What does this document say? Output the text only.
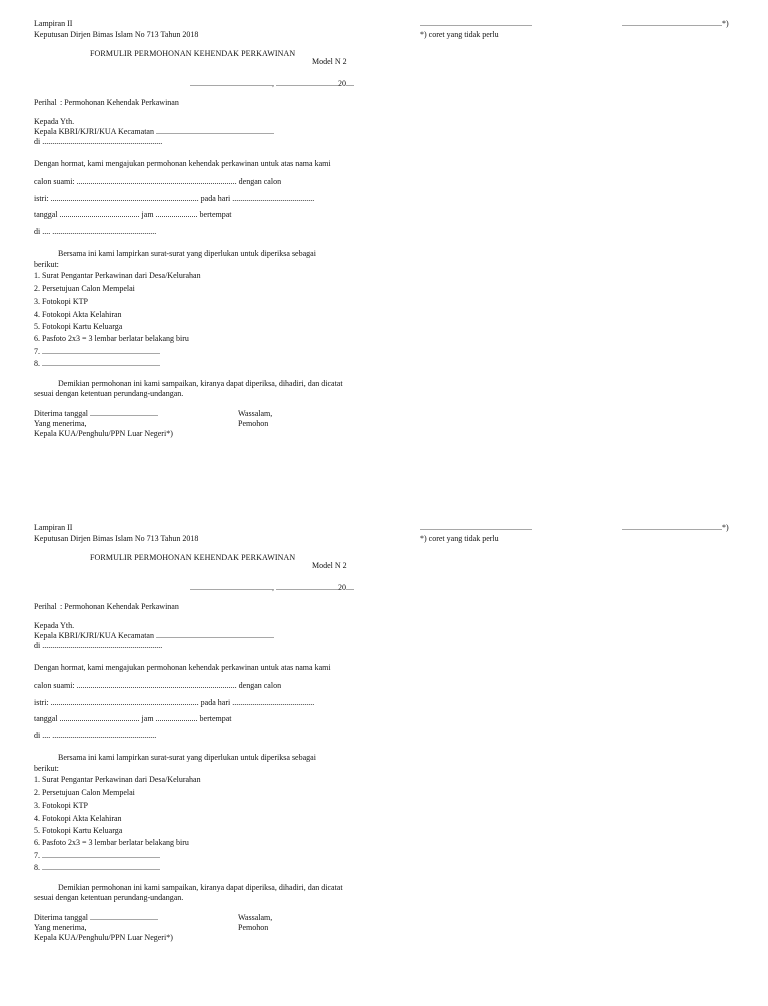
Lampiran II
Keputusan Dirjen Bimas Islam No 713 Tahun 2018
........................................................	..................................................*)
*) coret yang tidak perlu
FORMULIR PERMOHONAN KEHENDAK PERKAWINAN
Model N 2
........................................., ...............................20....
Perihal : Permohonan Kehendak Perkawinan
Kepada Yth.
Kepala KBRI/KJRI/KUA Kecamatan ...........................................................
di ............................................................
Dengan hormat, kami mengajukan permohonan kehendak perkawinan untuk atas nama kami
calon suami: ................................................................................ dengan calon
istri: .......................................................................... pada hari .........................................
tanggal ........................................ jam ..................... bertempat
di .... ....................................................
Bersama ini kami lampirkan surat-surat yang diperlukan untuk diperiksa sebagai
berikut:
1. Surat Pengantar Perkawinan dari Desa/Kelurahan
2. Persetujuan Calon Mempelai
3. Fotokopi KTP
4. Fotokopi Akta Kelahiran
5. Fotokopi Kartu Keluarga
6. Pasfoto 2x3 = 3 lembar berlatar belakang biru
7. ...........................................................
8. ...........................................................
Demikian permohonan ini kami sampaikan, kiranya dapat diperiksa, dihadiri, dan dicatat
sesuai dengan ketentuan perundang-undangan.
Diterima tanggal ..................................
Yang menerima,
Kepala KUA/Penghulu/PPN Luar Negeri*)
Wassalam,
Pemohon
Lampiran II
Keputusan Dirjen Bimas Islam No 713 Tahun 2018
........................................................	..................................................*)
*) coret yang tidak perlu
FORMULIR PERMOHONAN KEHENDAK PERKAWINAN
Model N 2
........................................., ...............................20....
Perihal : Permohonan Kehendak Perkawinan
Kepada Yth.
Kepala KBRI/KJRI/KUA Kecamatan ...........................................................
di ............................................................
Dengan hormat, kami mengajukan permohonan kehendak perkawinan untuk atas nama kami
calon suami: ................................................................................ dengan calon
istri: .......................................................................... pada hari .........................................
tanggal ........................................ jam ..................... bertempat
di .... ....................................................
Bersama ini kami lampirkan surat-surat yang diperlukan untuk diperiksa sebagai
berikut:
1. Surat Pengantar Perkawinan dari Desa/Kelurahan
2. Persetujuan Calon Mempelai
3. Fotokopi KTP
4. Fotokopi Akta Kelahiran
5. Fotokopi Kartu Keluarga
6. Pasfoto 2x3 = 3 lembar berlatar belakang biru
7. ...........................................................
8. ...........................................................
Demikian permohonan ini kami sampaikan, kiranya dapat diperiksa, dihadiri, dan dicatat
sesuai dengan ketentuan perundang-undangan.
Diterima tanggal ..................................
Yang menerima,
Kepala KUA/Penghulu/PPN Luar Negeri*)
Wassalam,
Pemohon
